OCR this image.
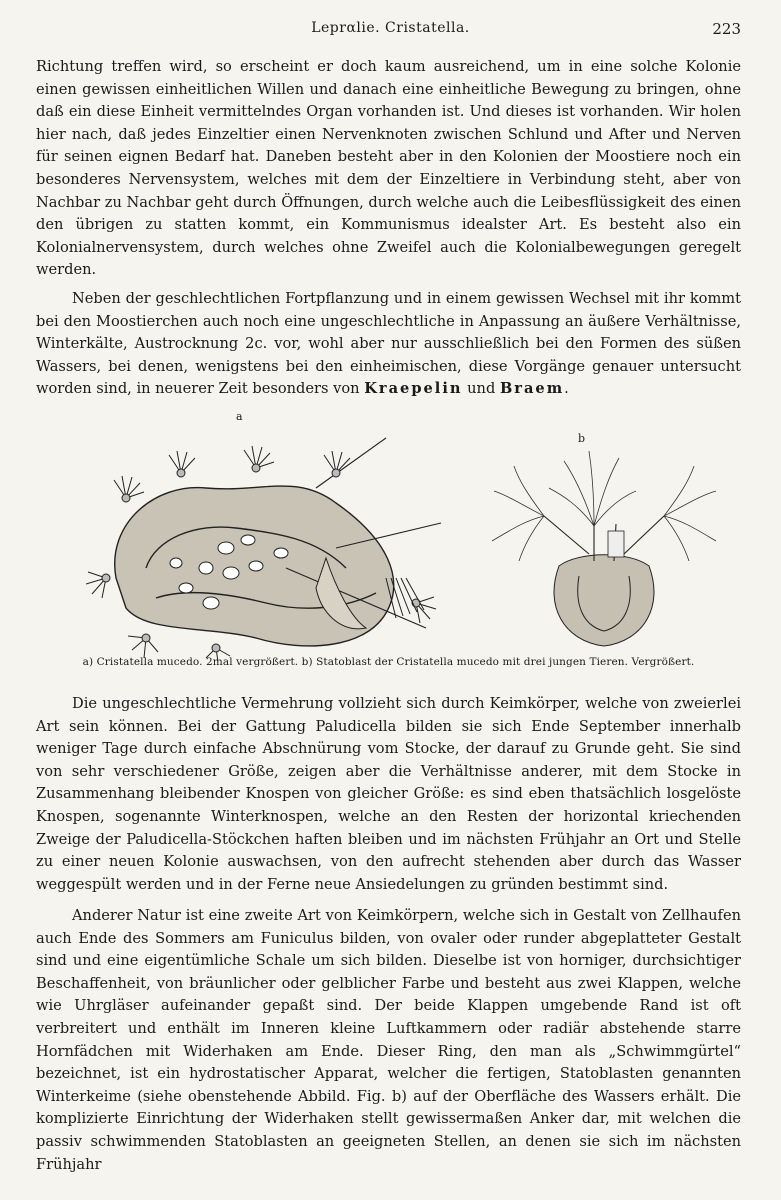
Leprαlie. Cristatella.	223

Richtung treffen wird, so erscheint er doch kaum ausreichend, um in eine solche Kolonie einen gewissen einheitlichen Willen und danach eine einheitliche Bewegung zu bringen, ohne daß ein diese Einheit vermittelndes Organ vorhanden ist. Und dieses ist vorhanden. Wir holen hier nach, daß jedes Einzeltier einen Nervenknoten zwischen Schlund und After und Nerven für seinen eignen Bedarf hat. Daneben besteht aber in den Kolonien der Moostiere noch ein besonderes Nervensystem, welches mit dem der Einzeltiere in Verbindung steht, aber von Nachbar zu Nachbar geht durch Öffnungen, durch welche auch die Leibesflüssigkeit des einen den übrigen zu statten kommt, ein Kommunismus idealster Art. Es besteht also ein Kolonialnervensystem, durch welches ohne Zweifel auch die Kolonialbewegungen geregelt werden.

Neben der geschlechtlichen Fortpflanzung und in einem gewissen Wechsel mit ihr kommt bei den Moostierchen auch noch eine ungeschlechtliche in Anpassung an äußere Verhältnisse, Winterkälte, Austrocknung 2c. vor, wohl aber nur ausschließlich bei den Formen des süßen Wassers, bei denen, wenigstens bei den einheimischen, diese Vorgänge genauer untersucht worden sind, in neuerer Zeit besonders von Kraepelin und Braem.

a
b
a) Cristatella mucedo. 2mal vergrößert. b) Statoblast der Cristatella mucedo mit drei jungen Tieren. Vergrößert.

Die ungeschlechtliche Vermehrung vollzieht sich durch Keimkörper, welche von zweierlei Art sein können. Bei der Gattung Paludicella bilden sie sich Ende September innerhalb weniger Tage durch einfache Abschnürung vom Stocke, der darauf zu Grunde geht. Sie sind von sehr verschiedener Größe, zeigen aber die Verhältnisse anderer, mit dem Stocke in Zusammenhang bleibender Knospen von gleicher Größe: es sind eben thatsächlich losgelöste Knospen, sogenannte Winterknospen, welche an den Resten der horizontal kriechenden Zweige der Paludicella-Stöckchen haften bleiben und im nächsten Frühjahr an Ort und Stelle zu einer neuen Kolonie auswachsen, von den aufrecht stehenden aber durch das Wasser weggespült werden und in der Ferne neue Ansiedelungen zu gründen bestimmt sind.

Anderer Natur ist eine zweite Art von Keimkörpern, welche sich in Gestalt von Zellhaufen auch Ende des Sommers am Funiculus bilden, von ovaler oder runder abgeplatteter Gestalt sind und eine eigentümliche Schale um sich bilden. Dieselbe ist von horniger, durchsichtiger Beschaffenheit, von bräunlicher oder gelblicher Farbe und besteht aus zwei Klappen, welche wie Uhrgläser aufeinander gepaßt sind. Der beide Klappen umgebende Rand ist oft verbreitert und enthält im Inneren kleine Luftkammern oder radiär abstehende starre Hornfädchen mit Widerhaken am Ende. Dieser Ring, den man als „Schwimmgürtel“ bezeichnet, ist ein hydrostatischer Apparat, welcher die fertigen, Statoblasten genannten Winterkeime (siehe obenstehende Abbild. Fig. b) auf der Oberfläche des Wassers erhält. Die komplizierte Einrichtung der Widerhaken stellt gewissermaßen Anker dar, mit welchen die passiv schwimmenden Statoblasten an geeigneten Stellen, an denen sie sich im nächsten Frühjahr
